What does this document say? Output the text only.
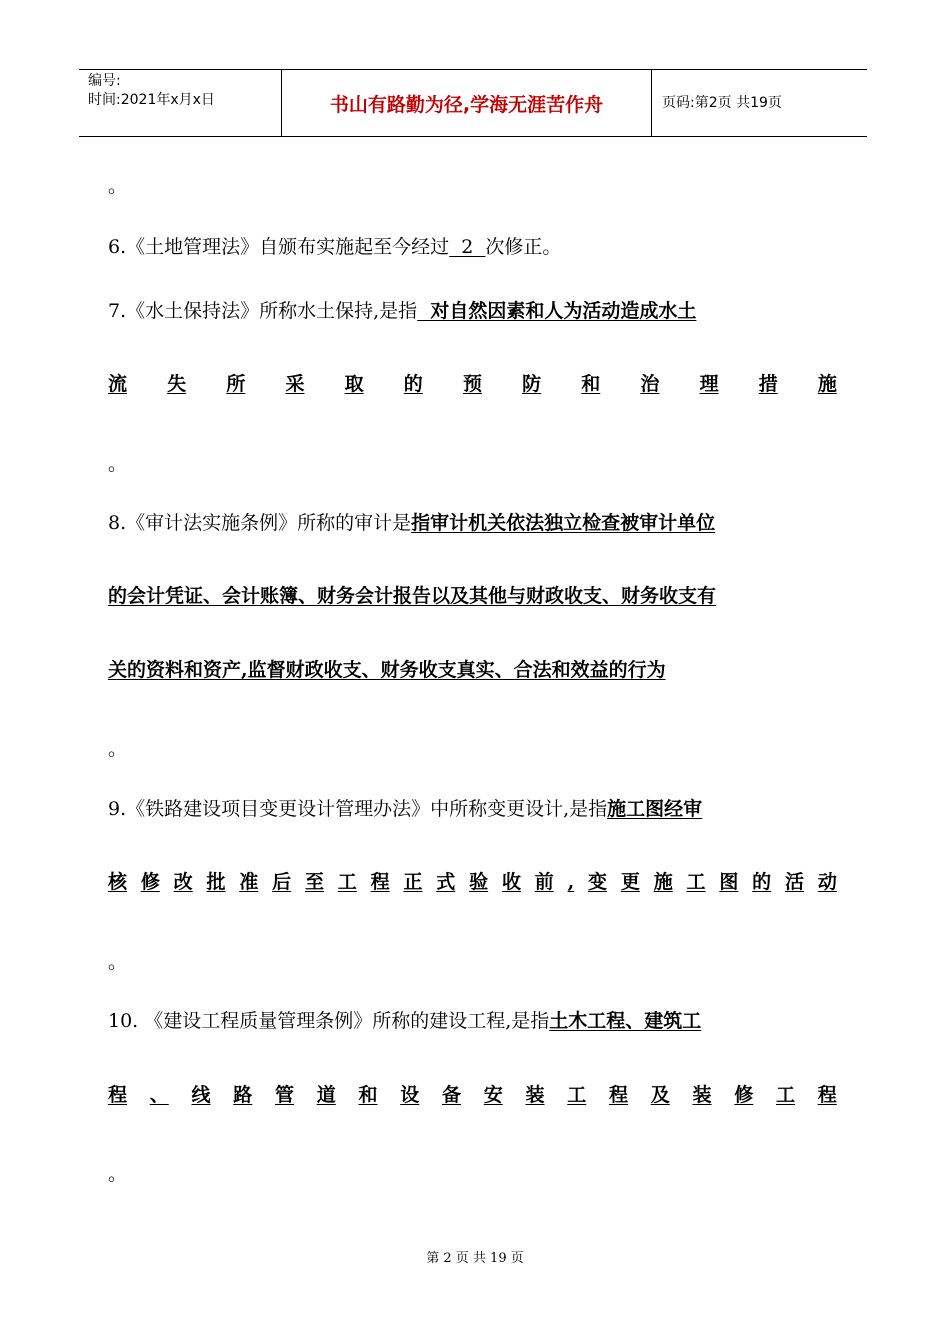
编号:
时间:2021年x月x日	书山有路勤为径,学海无涯苦作舟	页码:第2页 共19页
。
6.《土地管理法》自颁布实施起至今经过  2  次修正。
7.《水土保持法》所称水土保持,是指  对自然因素和人为活动造成水土
流 失 所 采 取 的 预 防 和 治 理 措 施
。
8.《审计法实施条例》所称的审计是指审计机关依法独立检查被审计单位
的会计凭证、会计账簿、财务会计报告以及其他与财政收支、财务收支有
关的资料和资产,监督财政收支、财务收支真实、合法和效益的行为
。
9.《铁路建设项目变更设计管理办法》中所称变更设计,是指施工图经审
核 修 改 批 准 后 至 工 程 正 式 验 收 前 , 变 更 施 工 图 的 活 动
。
10. 《建设工程质量管理条例》所称的建设工程,是指土木工程、建筑工
程 、 线 路 管 道 和 设 备 安 装 工 程 及 装 修 工 程
。
第 2 页 共 19 页
